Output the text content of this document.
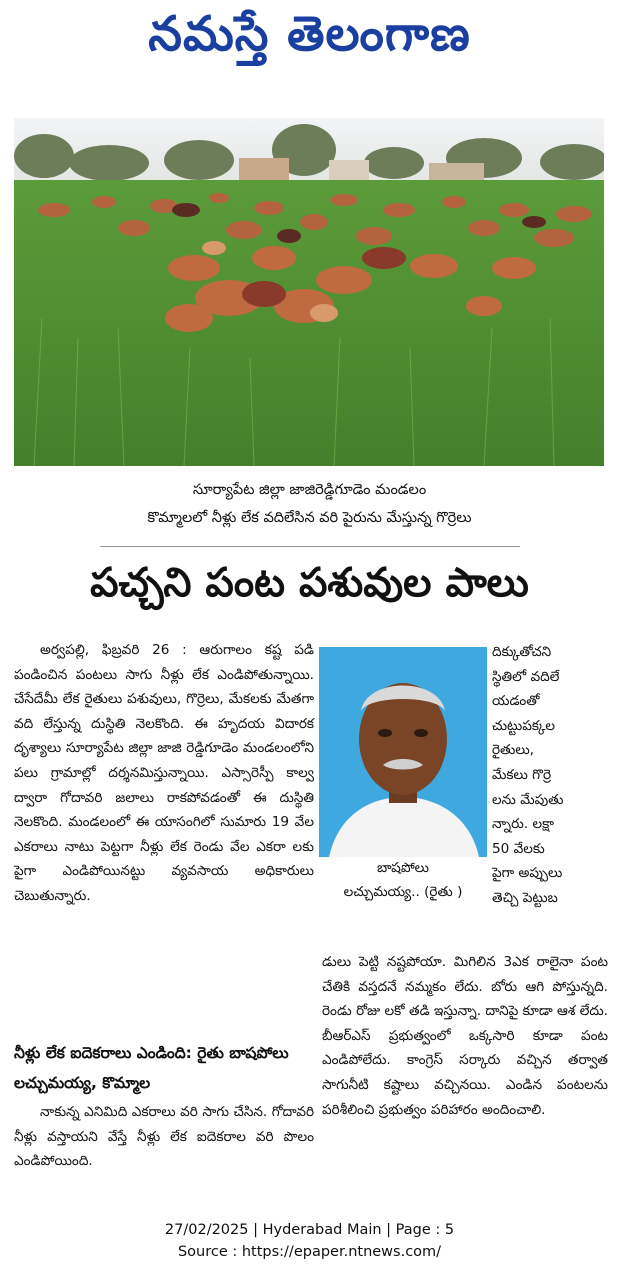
నమస్తే తెలంగాణ
సూర్యాపేట జిల్లా జాజిరెడ్డిగూడెం మండలం
కొమ్మాలలో నీళ్లు లేక వదిలేసిన వరి పైరును మేస్తున్న గొర్రెలు
పచ్చని పంట పశువుల పాలు

అర్వపల్లి, ఫిబ్రవరి 26 : ఆరుగాలం కష్ట పడి పండించిన పంటలు సాగు నీళ్లు లేక ఎండిపోతున్నాయి. చేసేదేమీ లేక రైతులు పశువులు, గొర్రెలు, మేకలకు మేతగా వది లేస్తున్న దుస్థితి నెలకొంది. ఈ హృదయ విదారక దృశ్యాలు సూర్యాపేట జిల్లా జాజి రెడ్డిగూడెం మండలంలోని పలు గ్రామాల్లో దర్శనమిస్తున్నాయి. ఎస్సారెస్పీ కాల్వ ద్వారా గోదావరి జలాలు రాకపోవడంతో ఈ దుస్థితి నెలకొంది. మండలంలో ఈ యాసంగిలో సుమారు 19 వేల ఎకరాలు నాటు పెట్టగా నీళ్లు లేక రెండు వేల ఎకరా లకు పైగా ఎండిపోయినట్టు వ్యవసాయ అధికారులు చెబుతున్నారు.

నీళ్లు లేక ఐదెకరాలు ఎండింది: రైతు బాషపోలు లచ్చుమయ్య, కొమ్మాల

నాకున్న ఎనిమిది ఎకరాలు వరి సాగు చేసిన. గోదావరి నీళ్లు వస్తాయని వేస్తే నీళ్లు లేక ఐదెకరాల వరి పొలం ఎండిపోయింది.

బాషపోలు
లచ్చుమయ్య.. (రైతు )

దిక్కుతోచని

స్థితిలో వదిలే

యడంతో

చుట్టుపక్కల

రైతులు,

మేకలు గొర్రె

లను మేపుతు

న్నారు. లక్షా

50 వేలకు

పైగా అప్పులు

తెచ్చి పెట్టుబ

డులు పెట్టి నష్టపోయా. మిగిలిన 3ఎక రాలైనా పంట చేతికి వస్తదనే నమ్మకం లేదు. బోరు ఆగి పోస్తున్నది. రెండు రోజు లకో తడి ఇస్తున్నా. దానిపై కూడా ఆశ లేదు. బీఆర్ఎస్ ప్రభుత్వంలో ఒక్కసారి కూడా పంట ఎండిపోలేదు. కాంగ్రెస్ సర్కారు వచ్చిన తర్వాత సాగునీటి కష్టాలు వచ్చినయి. ఎండిన పంటలను పరిశీలించి ప్రభుత్వం పరిహారం అందించాలి.

27/02/2025 | Hyderabad Main | Page : 5
Source : https://epaper.ntnews.com/
